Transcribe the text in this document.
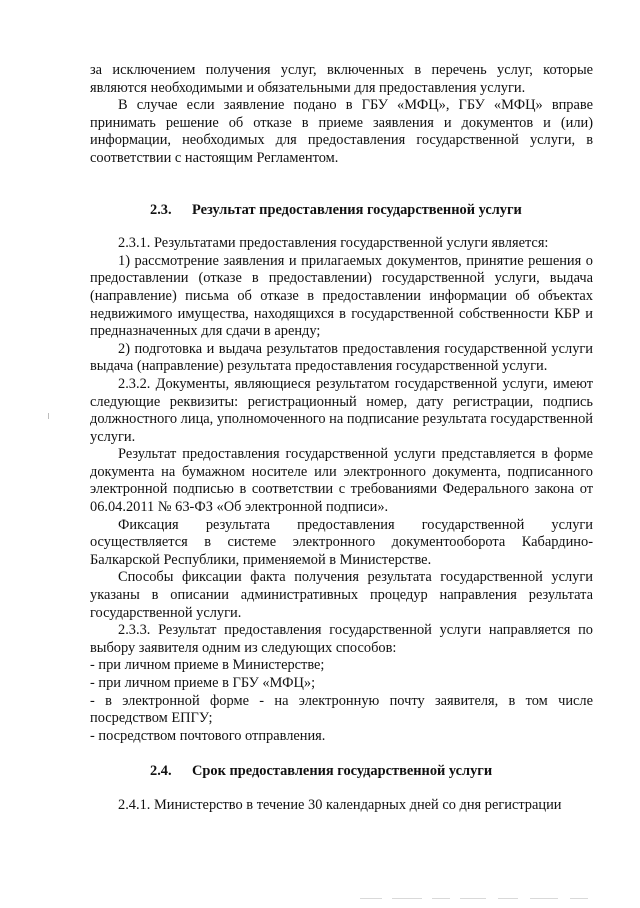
за исключением получения услуг, включенных в перечень услуг, которые являются необходимыми и обязательными для предоставления услуги.

В случае если заявление подано в ГБУ «МФЦ», ГБУ «МФЦ» вправе принимать решение об отказе в приеме заявления и документов и (или) информации, необходимых для предоставления государственной услуги, в соответствии с настоящим Регламентом.

2.3. Результат предоставления государственной услуги

2.3.1. Результатами предоставления государственной услуги является:

1) рассмотрение заявления и прилагаемых документов, принятие решения о предоставлении (отказе в предоставлении) государственной услуги, выдача (направление) письма об отказе в предоставлении информации об объектах недвижимого имущества, находящихся в государственной собственности КБР и предназначенных для сдачи в аренду;

2) подготовка и выдача результатов предоставления государственной услуги выдача (направление) результата предоставления государственной услуги.

2.3.2. Документы, являющиеся результатом государственной услуги, имеют следующие реквизиты: регистрационный номер, дату регистрации, подпись должностного лица, уполномоченного на подписание результата государственной услуги.

Результат предоставления государственной услуги представляется в форме документа на бумажном носителе или электронного документа, подписанного электронной подписью в соответствии с требованиями Федерального закона от 06.04.2011 № 63-ФЗ «Об электронной подписи».

Фиксация результата предоставления государственной услуги осуществляется в системе электронного документооборота Кабардино-Балкарской Республики, применяемой в Министерстве.

Способы фиксации факта получения результата государственной услуги указаны в описании административных процедур направления результата государственной услуги.

2.3.3. Результат предоставления государственной услуги направляется по выбору заявителя одним из следующих способов:

- при личном приеме в Министерстве;

- при личном приеме в ГБУ «МФЦ»;

- в электронной форме - на электронную почту заявителя, в том числе посредством ЕПГУ;

- посредством почтового отправления.

2.4. Срок предоставления государственной услуги

2.4.1. Министерство в течение 30 календарных дней со дня регистрации
